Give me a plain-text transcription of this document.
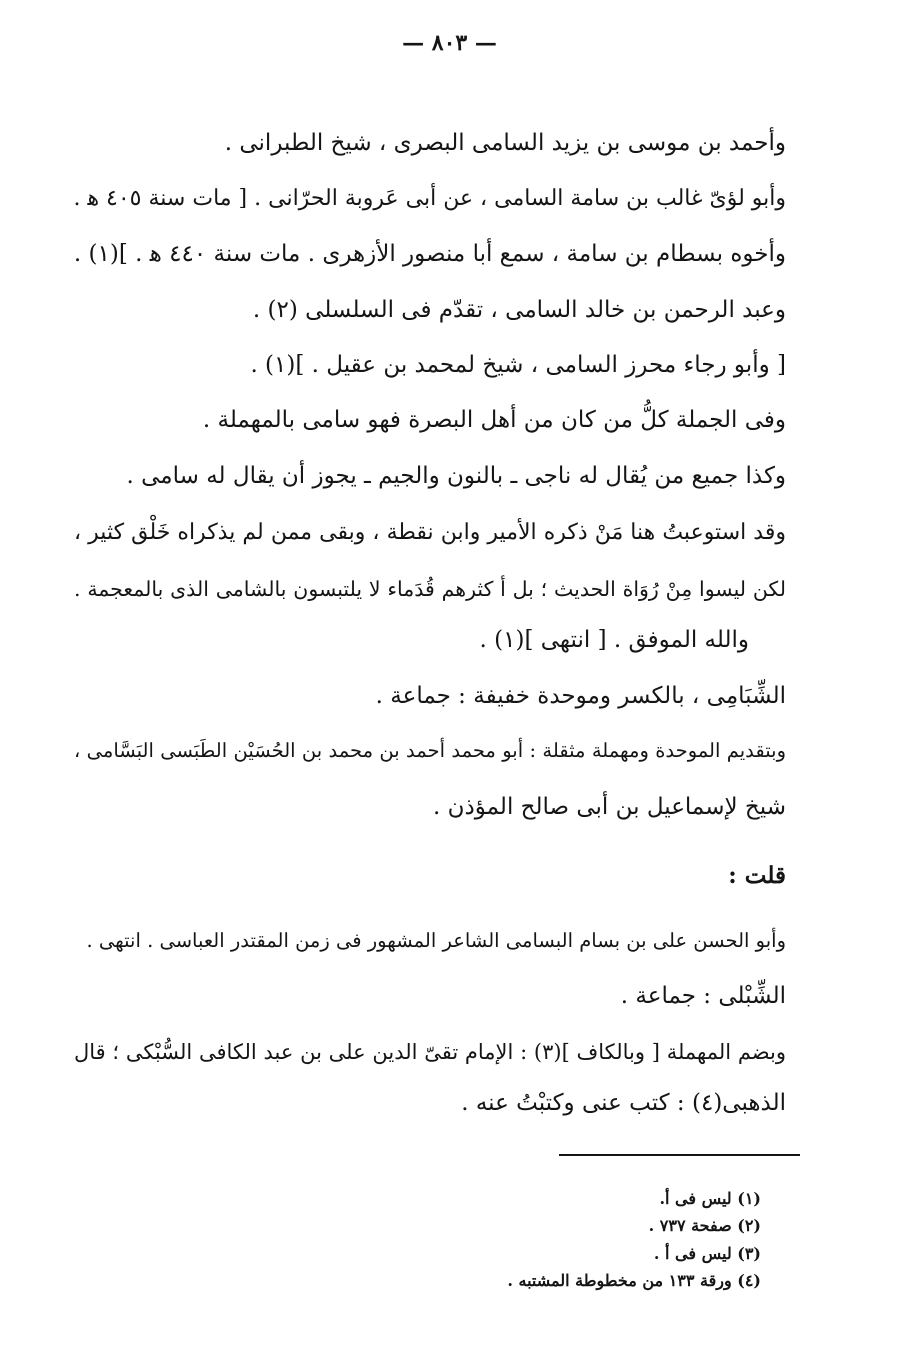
— ٨٠٣ —
وأحمد بن موسى بن يزيد السامى البصرى ، شيخ الطبرانى .
وأبو لؤىّ غالب بن سامة السامى ، عن أبى عَروبة الحرّانى . [ مات سنة ٤٠٥ ﻫ .
وأخوه بسطام بن سامة ، سمع أبا منصور الأزهرى . مات سنة ٤٤٠ ﻫ . ](١) .
وعبد الرحمن بن خالد السامى ، تقدّم فى السلسلى (٢) .
[ وأبو رجاء محرز السامى ، شيخ لمحمد بن عقيل . ](١) .
وفى الجملة كلُّ من كان من أهل البصرة فهو سامى بالمهملة .
وكذا جميع من يُقال له ناجى ـ بالنون والجيم ـ يجوز أن يقال له سامى .
وقد استوعبتُ هنا مَنْ ذكره الأمير وابن نقطة ، وبقى ممن لم يذكراه خَلْق كثير ،
لكن ليسوا مِنْ رُوَاة الحديث ؛ بل أ كثرهم قُدَماء لا يلتبسون بالشامى الذى بالمعجمة .
والله الموفق . [ انتهى ](١) .
الشِّبَامِى ، بالكسر وموحدة خفيفة : جماعة .
وبتقديم الموحدة ومهملة مثقلة : أبو محمد أحمد بن محمد بن الحُسَيْن الطَبَسى البَسَّامى ،
شيخ لإسماعيل بن أبى صالح المؤذن .
قلت :
وأبو الحسن على بن بسام البسامى الشاعر المشهور فى زمن المقتدر العباسى . انتهى .
الشِّبْلى : جماعة .
وبضم المهملة [ وبالكاف ](٣) : الإمام تقىّ الدين على بن عبد الكافى السُّبْكى ؛ قال
الذهبى(٤) : كتب عنى وكتبْتُ عنه .
(١) ليس فى أ.
(٢) صفحة ٧٣٧ .
(٣) ليس فى أ .
(٤) ورقة ١٣٣ من مخطوطة المشتبه .
